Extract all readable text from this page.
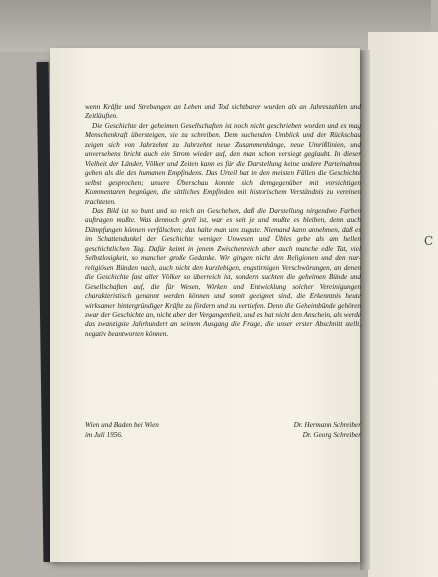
C

wenn Kräfte und Strebungen an Leben und Tod sichtbarer wurden als an Jahreszahlen und Zeitläuften.

Die Geschichte der geheimen Gesellschaften ist noch nicht geschrieben worden und es mag Menschenkraft übersteigen, sie zu schreiben. Dem suchenden Umblick und der Rückschau zeigen sich von Jahrzehnt zu Jahrzehnt neue Zusammenhänge, neue Umrißlinien, und unversehens bricht auch ein Strom wieder auf, den man schon versiegt geglaubt. In dieser Vielheit der Länder, Völker und Zeiten kann es für die Darstellung keine andere Parteinahme geben als die des humanen Empfindens. Das Urteil hat in den meisten Fällen die Geschichte selbst gesprochen; unsere Überschau konnte sich demgegenüber mit vorsichtigen Kommentaren begnügen, die sittliches Empfinden mit historischem Verständnis zu vereinen trachteten.

Das Bild ist so bunt und so reich an Geschehen, daß die Darstellung nirgendwo Farben auftragen mußte. Was dennoch grell ist, war es seit je und mußte es bleiben, denn auch Dämpfungen können verfälschen; das halte man uns zugute. Niemand kann annehmen, daß es im Schattendunkel der Geschichte weniger Unwesen und Übles gebe als am hellen geschichtlichen Tag. Dafür keimt in jenem Zwischenreich aber auch manche edle Tat, viel Selbstlosigkeit, so mancher große Gedanke. Wir gingen nicht den Religionen und den nur-religiösen Bünden nach, auch nicht den kurzlebigen, engstirnigen Verschwörungen, an denen die Geschichte fast aller Völker so überreich ist, sondern suchten die geheimen Bünde und Gesellschaften auf, die für Wesen, Wirken und Entwicklung solcher Vereinigungen charakteristisch genannt werden können und somit geeignet sind, die Erkenntnis heute wirksamer hintergründiger Kräfte zu fördern und zu vertiefen. Denn die Geheimbünde gehören zwar der Geschichte an, nicht aber der Vergangenheit, und es hat nicht den Anschein, als werde das zwanzigste Jahrhundert an seinem Ausgang die Frage, die unser erster Abschnitt stellt, negativ beantworten können.

Wien und Baden bei Wien
im Juli 1956.
Dr. Hermann Schreiber
Dr. Georg Schreiber
